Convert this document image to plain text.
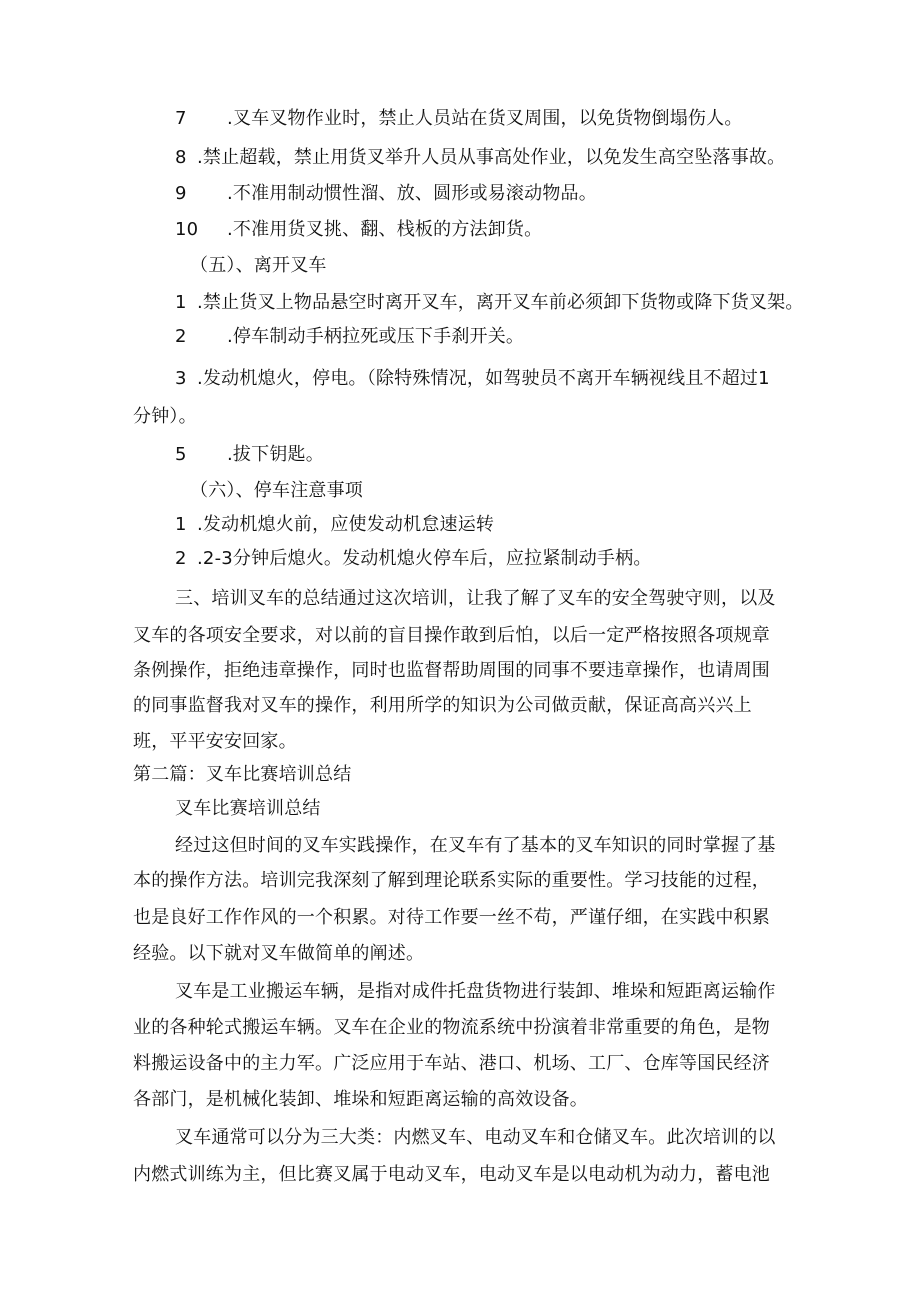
7 .叉车叉物作业时，禁止人员站在货叉周围，以免货物倒塌伤人。
8 .禁止超载，禁止用货叉举升人员从事高处作业，以免发生高空坠落事故。
9 .不准用制动惯性溜、放、圆形或易滚动物品。
10 .不准用货叉挑、翻、栈板的方法卸货。
（五）、离开叉车
1 .禁止货叉上物品悬空时离开叉车，离开叉车前必须卸下货物或降下货叉架。
2 .停车制动手柄拉死或压下手刹开关。
3 .发动机熄火，停电。（除特殊情况，如驾驶员不离开车辆视线且不超过1
分钟）。
5 .拔下钥匙。
（六）、停车注意事项
1 .发动机熄火前，应使发动机怠速运转
2 .2-3分钟后熄火。发动机熄火停车后，应拉紧制动手柄。
三、培训叉车的总结通过这次培训，让我了解了叉车的安全驾驶守则，以及
叉车的各项安全要求，对以前的盲目操作敢到后怕，以后一定严格按照各项规章
条例操作，拒绝违章操作，同时也监督帮助周围的同事不要违章操作，也请周围
的同事监督我对叉车的操作，利用所学的知识为公司做贡献，保证高高兴兴上
班，平平安安回家。
第二篇：叉车比赛培训总结
叉车比赛培训总结
经过这但时间的叉车实践操作，在叉车有了基本的叉车知识的同时掌握了基
本的操作方法。培训完我深刻了解到理论联系实际的重要性。学习技能的过程，
也是良好工作作风的一个积累。对待工作要一丝不苟，严谨仔细，在实践中积累
经验。以下就对叉车做简单的阐述。
叉车是工业搬运车辆，是指对成件托盘货物进行装卸、堆垛和短距离运输作
业的各种轮式搬运车辆。叉车在企业的物流系统中扮演着非常重要的角色，是物
料搬运设备中的主力军。广泛应用于车站、港口、机场、工厂、仓库等国民经济
各部门，是机械化装卸、堆垛和短距离运输的高效设备。
叉车通常可以分为三大类：内燃叉车、电动叉车和仓储叉车。此次培训的以
内燃式训练为主，但比赛叉属于电动叉车，电动叉车是以电动机为动力，蓄电池
